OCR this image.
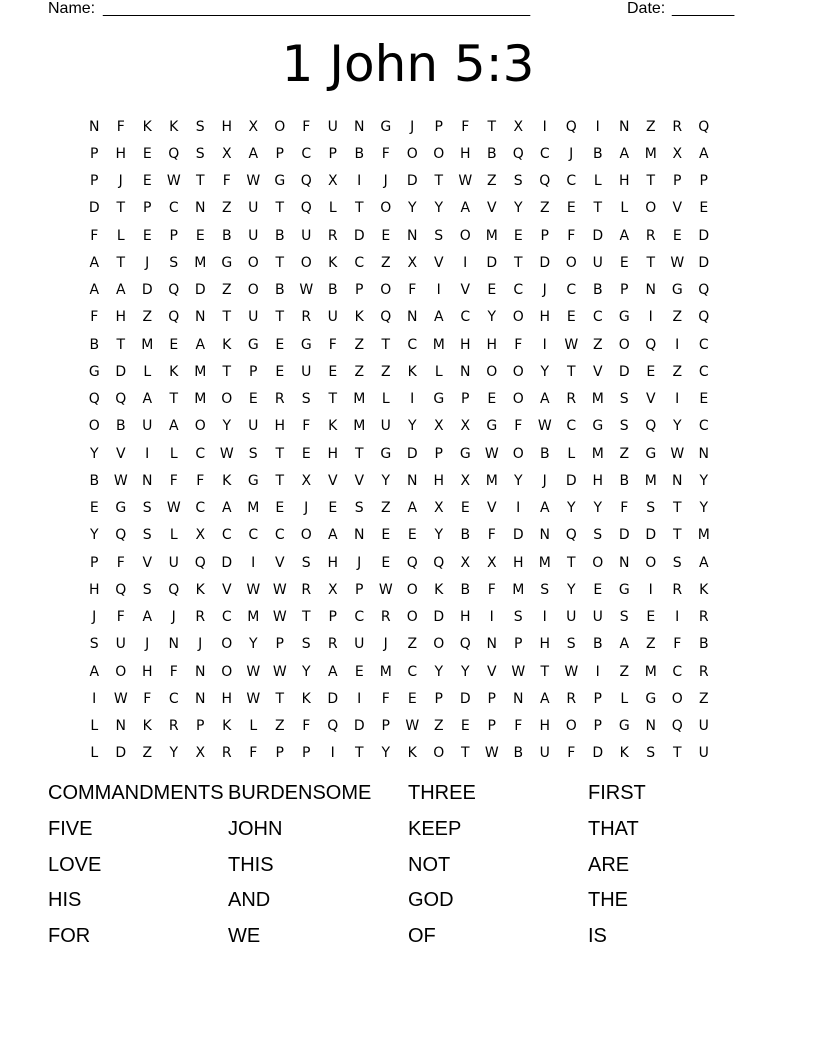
Name: ________________________________________________	Date: _______
1 John 5:3
N	F	K	K	S	H	X	O	F	U	N	G	J	P	F	T	X	I	Q	I	N	Z	R	Q
P	H	E	Q	S	X	A	P	C	P	B	F	O	O	H	B	Q	C	J	B	A	M	X	A
P	J	E	W	T	F	W	G	Q	X	I	J	D	T	W	Z	S	Q	C	L	H	T	P	P
D	T	P	C	N	Z	U	T	Q	L	T	O	Y	Y	A	V	Y	Z	E	T	L	O	V	E
F	L	E	P	E	B	U	B	U	R	D	E	N	S	O	M	E	P	F	D	A	R	E	D
A	T	J	S	M	G	O	T	O	K	C	Z	X	V	I	D	T	D	O	U	E	T	W	D
A	A	D	Q	D	Z	O	B	W	B	P	O	F	I	V	E	C	J	C	B	P	N	G	Q
F	H	Z	Q	N	T	U	T	R	U	K	Q	N	A	C	Y	O	H	E	C	G	I	Z	Q
B	T	M	E	A	K	G	E	G	F	Z	T	C	M	H	H	F	I	W	Z	O	Q	I	C
G	D	L	K	M	T	P	E	U	E	Z	Z	K	L	N	O	O	Y	T	V	D	E	Z	C
Q	Q	A	T	M	O	E	R	S	T	M	L	I	G	P	E	O	A	R	M	S	V	I	E
O	B	U	A	O	Y	U	H	F	K	M	U	Y	X	X	G	F	W	C	G	S	Q	Y	C
Y	V	I	L	C	W	S	T	E	H	T	G	D	P	G	W	O	B	L	M	Z	G	W	N
B	W	N	F	F	K	G	T	X	V	V	Y	N	H	X	M	Y	J	D	H	B	M	N	Y
E	G	S	W	C	A	M	E	J	E	S	Z	A	X	E	V	I	A	Y	Y	F	S	T	Y
Y	Q	S	L	X	C	C	C	O	A	N	E	E	Y	B	F	D	N	Q	S	D	D	T	M
P	F	V	U	Q	D	I	V	S	H	J	E	Q	Q	X	X	H	M	T	O	N	O	S	A
H	Q	S	Q	K	V	W W	R	X	P	W	O	K	B	F	M	S	Y	E	G	I	R	K
J	F	A	J	R	C	M W	T	P	C	R	O	D	H	I	S	I	U	U	S	E	I	R
S	U	J	N	J	O	Y	P	S	R	U	J	Z	O	Q	N	P	H	S	B	A	Z	F	B
A	O	H	F	N	O	W W	Y	A	E	M	C	Y	Y	V	W	T	W	I	Z	M	C	R
I	W	F	C	N	H	W	T	K	D	I	F	E	P	D	P	N	A	R	P	L	G	O	Z
L	N	K	R	P	K	L	Z	F	Q	D	P	W	Z	E	P	F	H	O	P	G	N	Q	U
L	D	Z	Y	X	R	F	P	P	I	T	Y	K	O	T	W	B	U	F	D	K	S	T	U
COMMANDMENTS BURDENSOME	THREE	FIRST
FIVE	JOHN	KEEP	THAT
LOVE	THIS	NOT	ARE
HIS	AND	GOD	THE
FOR	WE	OF	IS
